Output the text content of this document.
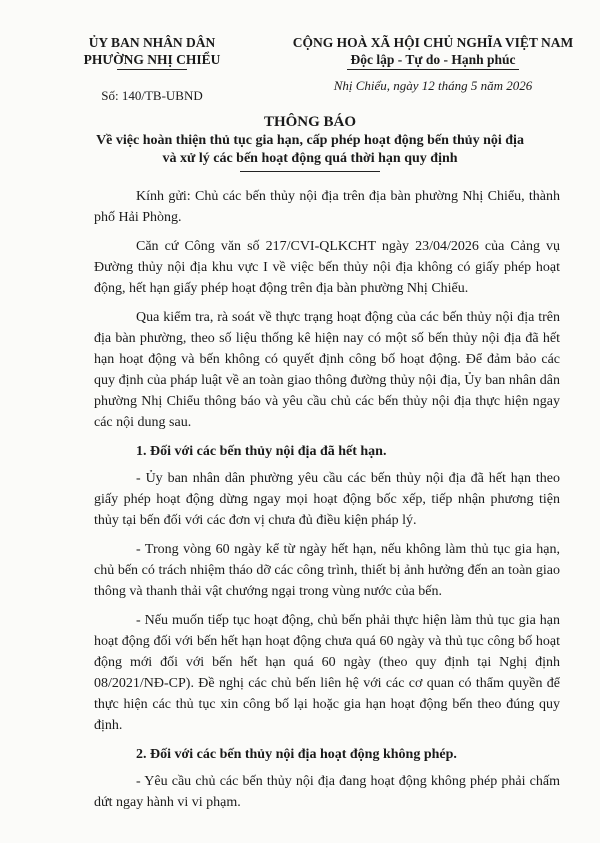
ỦY BAN NHÂN DÂN
PHƯỜNG NHỊ CHIỂU
Số: 140/TB-UBND
CỘNG HOÀ XÃ HỘI CHỦ NGHĨA VIỆT NAM
Độc lập - Tự do - Hạnh phúc
Nhị Chiểu, ngày 12 tháng 5 năm 2026
THÔNG BÁO
Về việc hoàn thiện thủ tục gia hạn, cấp phép hoạt động bến thủy nội địa
và xử lý các bến hoạt động quá thời hạn quy định

Kính gửi: Chủ các bến thủy nội địa trên địa bàn phường Nhị Chiểu, thành phố Hải Phòng.

Căn cứ Công văn số 217/CVI-QLKCHT ngày 23/04/2026 của Cảng vụ Đường thủy nội địa khu vực I về việc bến thủy nội địa không có giấy phép hoạt động, hết hạn giấy phép hoạt động trên địa bàn phường Nhị Chiểu.

Qua kiểm tra, rà soát về thực trạng hoạt động của các bến thủy nội địa trên địa bàn phường, theo số liệu thống kê hiện nay có một số bến thủy nội địa đã hết hạn hoạt động và bến không có quyết định công bố hoạt động. Để đảm bảo các quy định của pháp luật về an toàn giao thông đường thủy nội địa, Ủy ban nhân dân phường Nhị Chiểu thông báo và yêu cầu chủ các bến thủy nội địa thực hiện ngay các nội dung sau.

1. Đối với các bến thủy nội địa đã hết hạn.

- Ủy ban nhân dân phường yêu cầu các bến thủy nội địa đã hết hạn theo giấy phép hoạt động dừng ngay mọi hoạt động bốc xếp, tiếp nhận phương tiện thủy tại bến đối với các đơn vị chưa đủ điều kiện pháp lý.

- Trong vòng 60 ngày kể từ ngày hết hạn, nếu không làm thủ tục gia hạn, chủ bến có trách nhiệm tháo dỡ các công trình, thiết bị ảnh hưởng đến an toàn giao thông và thanh thải vật chướng ngại trong vùng nước của bến.

- Nếu muốn tiếp tục hoạt động, chủ bến phải thực hiện làm thủ tục gia hạn hoạt động đối với bến hết hạn hoạt động chưa quá 60 ngày và thủ tục công bố hoạt động mới đối với bến hết hạn quá 60 ngày (theo quy định tại Nghị định 08/2021/NĐ-CP). Đề nghị các chủ bến liên hệ với các cơ quan có thẩm quyền để thực hiện các thủ tục xin công bố lại hoặc gia hạn hoạt động bến theo đúng quy định.

2. Đối với các bến thủy nội địa hoạt động không phép.

- Yêu cầu chủ các bến thủy nội địa đang hoạt động không phép phải chấm dứt ngay hành vi vi phạm.
